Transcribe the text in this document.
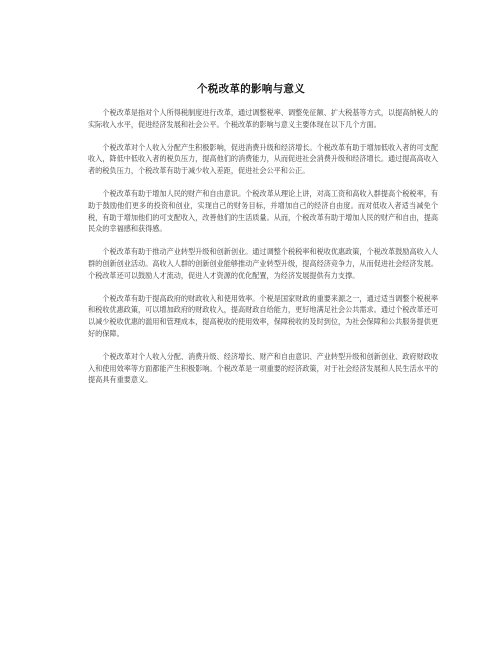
个税改革的影响与意义

个税改革是指对个人所得税制度进行改革，通过调整税率、调整免征额、扩大税基等方式，以提高纳税人的实际收入水平，促进经济发展和社会公平。个税改革的影响与意义主要体现在以下几个方面。

个税改革对个人收入分配产生积极影响，促进消费升级和经济增长。个税改革有助于增加低收入者的可支配收入，降低中低收入者的税负压力，提高他们的消费能力，从而促进社会消费升级和经济增长。通过提高高收入者的税负压力，个税改革有助于减少收入差距，促进社会公平和公正。

个税改革有助于增加人民的财产和自由意识。个税改革从理论上讲，对高工资和高收入群提高个税税率，有助于鼓励他们更多的投资和创业，实现自己的财务目标，并增加自己的经济自由度。而对低收入者适当减免个税，有助于增加他们的可支配收入，改善他们的生活质量。从而，个税改革有助于增加人民的财产和自由，提高民众的幸福感和获得感。

个税改革有助于推动产业转型升级和创新创业。通过调整个税税率和税收优惠政策，个税改革鼓励高收入人群的创新创业活动。高收入人群的创新创业能够推动产业转型升级，提高经济竞争力，从而促进社会经济发展。个税改革还可以鼓励人才流动，促进人才资源的优化配置，为经济发展提供有力支撑。

个税改革有助于提高政府的财政收入和使用效率。个税是国家财政的重要来源之一，通过适当调整个税税率和税收优惠政策，可以增加政府的财政收入，提高财政自给能力，更好地满足社会公共需求。通过个税改革还可以减少税收优惠的滥用和管理成本，提高税收的使用效率，保障税收的及时到位，为社会保障和公共服务提供更好的保障。

个税改革对个人收入分配、消费升级、经济增长、财产和自由意识、产业转型升级和创新创业、政府财政收入和使用效率等方面都能产生积极影响。个税改革是一项重要的经济政策，对于社会经济发展和人民生活水平的提高具有重要意义。
